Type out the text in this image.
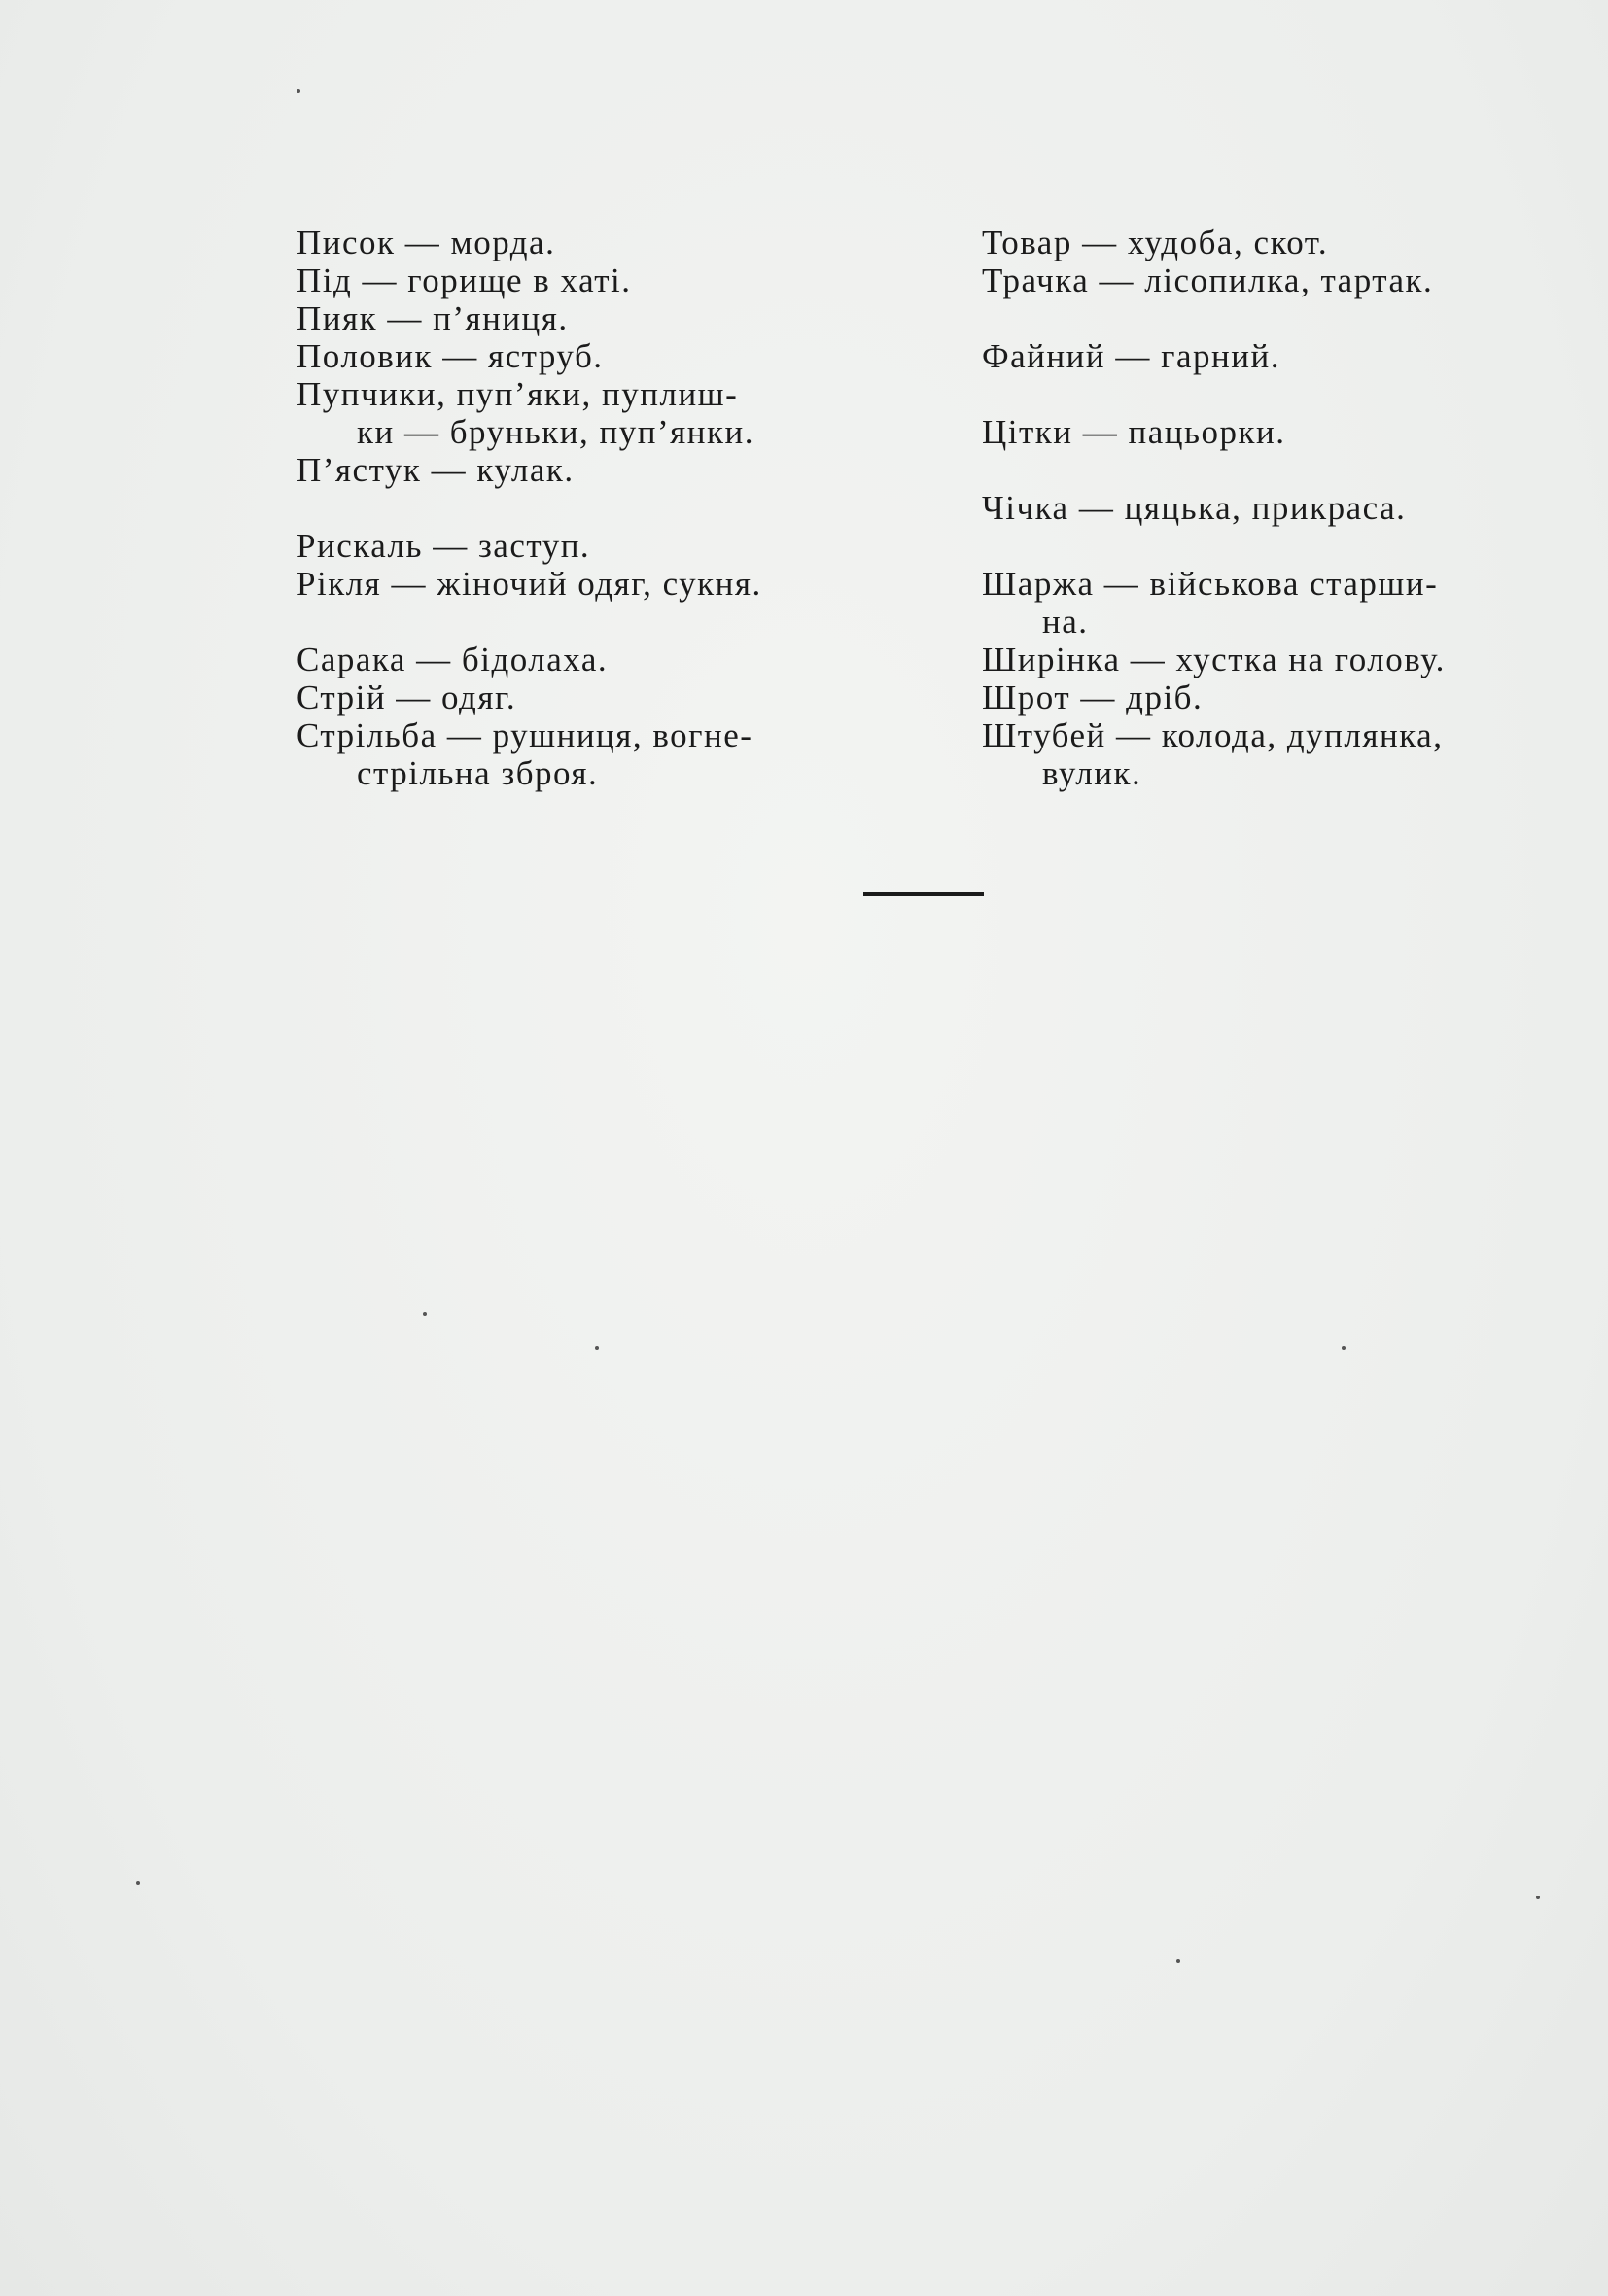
Писок — морда.
Під — горище в хаті.
Пияк — п’яниця.
Половик — яструб.
Пупчики, пуп’яки, пуплиш-
ки — бруньки, пуп’янки.
П’ястук — кулак.
Рискаль — заступ.
Рікля — жіночий одяг, сукня.
Сарака — бідолаха.
Стрій — одяг.
Стрільба — рушниця, вогне-
стрільна зброя.
Товар — худоба, скот.
Трачка — лісопилка, тартак.
Файний — гарний.
Цітки — пацьорки.
Чічка — цяцька, прикраса.
Шаржа — військова старши-
на.
Ширінка — хустка на голову.
Шрот — дріб.
Штубей — колода, дуплянка,
вулик.
